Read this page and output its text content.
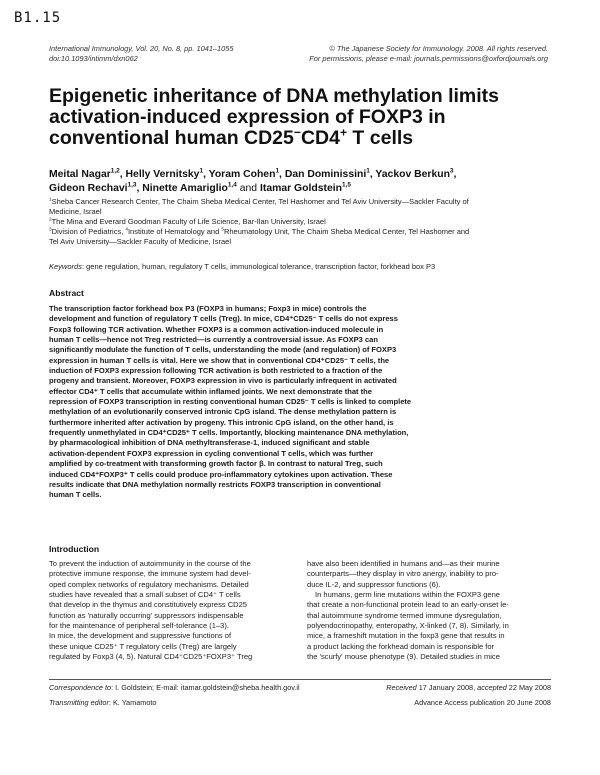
B1.15
International Immunology, Vol. 20, No. 8, pp. 1041–1055
doi:10.1093/intimm/dxn062
© The Japanese Society for Immunology. 2008. All rights reserved.
For permissions, please e-mail: journals.permissions@oxfordjournals.org
Epigenetic inheritance of DNA methylation limits
activation-induced expression of FOXP3 in
conventional human CD25−CD4+ T cells
Meital Nagar$^{1,2}$, Helly Vernitsky$^1$, Yoram Cohen$^1$, Dan Dominissini$^1$, Yackov Berkun$^3$,
Gideon Rechavi$^{1,3}$, Ninette Amariglio$^{1,4}$ and Itamar Goldstein$^{1,5}$
$^1$Sheba Cancer Research Center, The Chaim Sheba Medical Center, Tel Hashomer and Tel Aviv University—Sackler Faculty of
Medicine, Israel
$^2$The Mina and Everard Goodman Faculty of Life Science, Bar-Ilan University, Israel
$^3$Division of Pediatrics, $^4$Institute of Hematology and $^5$Rheumatology Unit, The Chaim Sheba Medical Center, Tel Hashomer and
Tel Aviv University—Sackler Faculty of Medicine, Israel
Keywords: gene regulation, human, regulatory T cells, immunological tolerance, transcription factor, forkhead box P3
Abstract
The transcription factor forkhead box P3 (FOXP3 in humans; Foxp3 in mice) controls the
development and function of regulatory T cells (Treg). In mice, CD4⁺CD25⁻ T cells do not express
Foxp3 following TCR activation. Whether FOXP3 is a common activation-induced molecule in
human T cells—hence not Treg restricted—is currently a controversial issue. As FOXP3 can
significantly modulate the function of T cells, understanding the mode (and regulation) of FOXP3
expression in human T cells is vital. Here we show that in conventional CD4⁺CD25⁻ T cells, the
induction of FOXP3 expression following TCR activation is both restricted to a fraction of the
progeny and transient. Moreover, FOXP3 expression in vivo is particularly infrequent in activated
effector CD4⁺ T cells that accumulate within inflamed joints. We next demonstrate that the
repression of FOXP3 transcription in resting conventional human CD25⁻ T cells is linked to complete
methylation of an evolutionarily conserved intronic CpG island. The dense methylation pattern is
furthermore inherited after activation by progeny. This intronic CpG island, on the other hand, is
frequently unmethylated in CD4⁺CD25⁺ T cells. Importantly, blocking maintenance DNA methylation,
by pharmacological inhibition of DNA methyltransferase-1, induced significant and stable
activation-dependent FOXP3 expression in cycling conventional T cells, which was further
amplified by co-treatment with transforming growth factor β. In contrast to natural Treg, such
induced CD4⁺FOXP3⁺ T cells could produce pro-inflammatory cytokines upon activation. These
results indicate that DNA methylation normally restricts FOXP3 transcription in conventional
human T cells.
Introduction
To prevent the induction of autoimmunity in the course of the
protective immune response, the immune system had devel-
oped complex networks of regulatory mechanisms. Detailed
studies have revealed that a small subset of CD4⁺ T cells
that develop in the thymus and constitutively express CD25
function as 'naturally occurring' suppressors indispensable
for the maintenance of peripheral self-tolerance (1–3).
In mice, the development and suppressive functions of
these unique CD25⁺ T regulatory cells (Treg) are largely
regulated by Foxp3 (4, 5). Natural CD4⁺CD25⁺FOXP3⁺ Treg
have also been identified in humans and—as their murine
counterparts—they display in vitro anergy, inability to pro-
duce IL-2, and suppressor functions (6).
In humans, germ line mutations within the FOXP3 gene
that create a non-functional protein lead to an early-onset le-
thal autoimmune syndrome termed immune dysregulation,
polyendocrinopathy, enteropathy, X-linked (7, 8). Similarly, in
mice, a frameshift mutation in the foxp3 gene that results in
a product lacking the forkhead domain is responsible for
the 'scurfy' mouse phenotype (9). Detailed studies in mice
Correspondence to: I. Goldstein; E-mail: itamar.goldstein@sheba.health.gov.il	Received 17 January 2008, accepted 22 May 2008
Transmitting editor: K. Yamamoto	Advance Access publication 20 June 2008
